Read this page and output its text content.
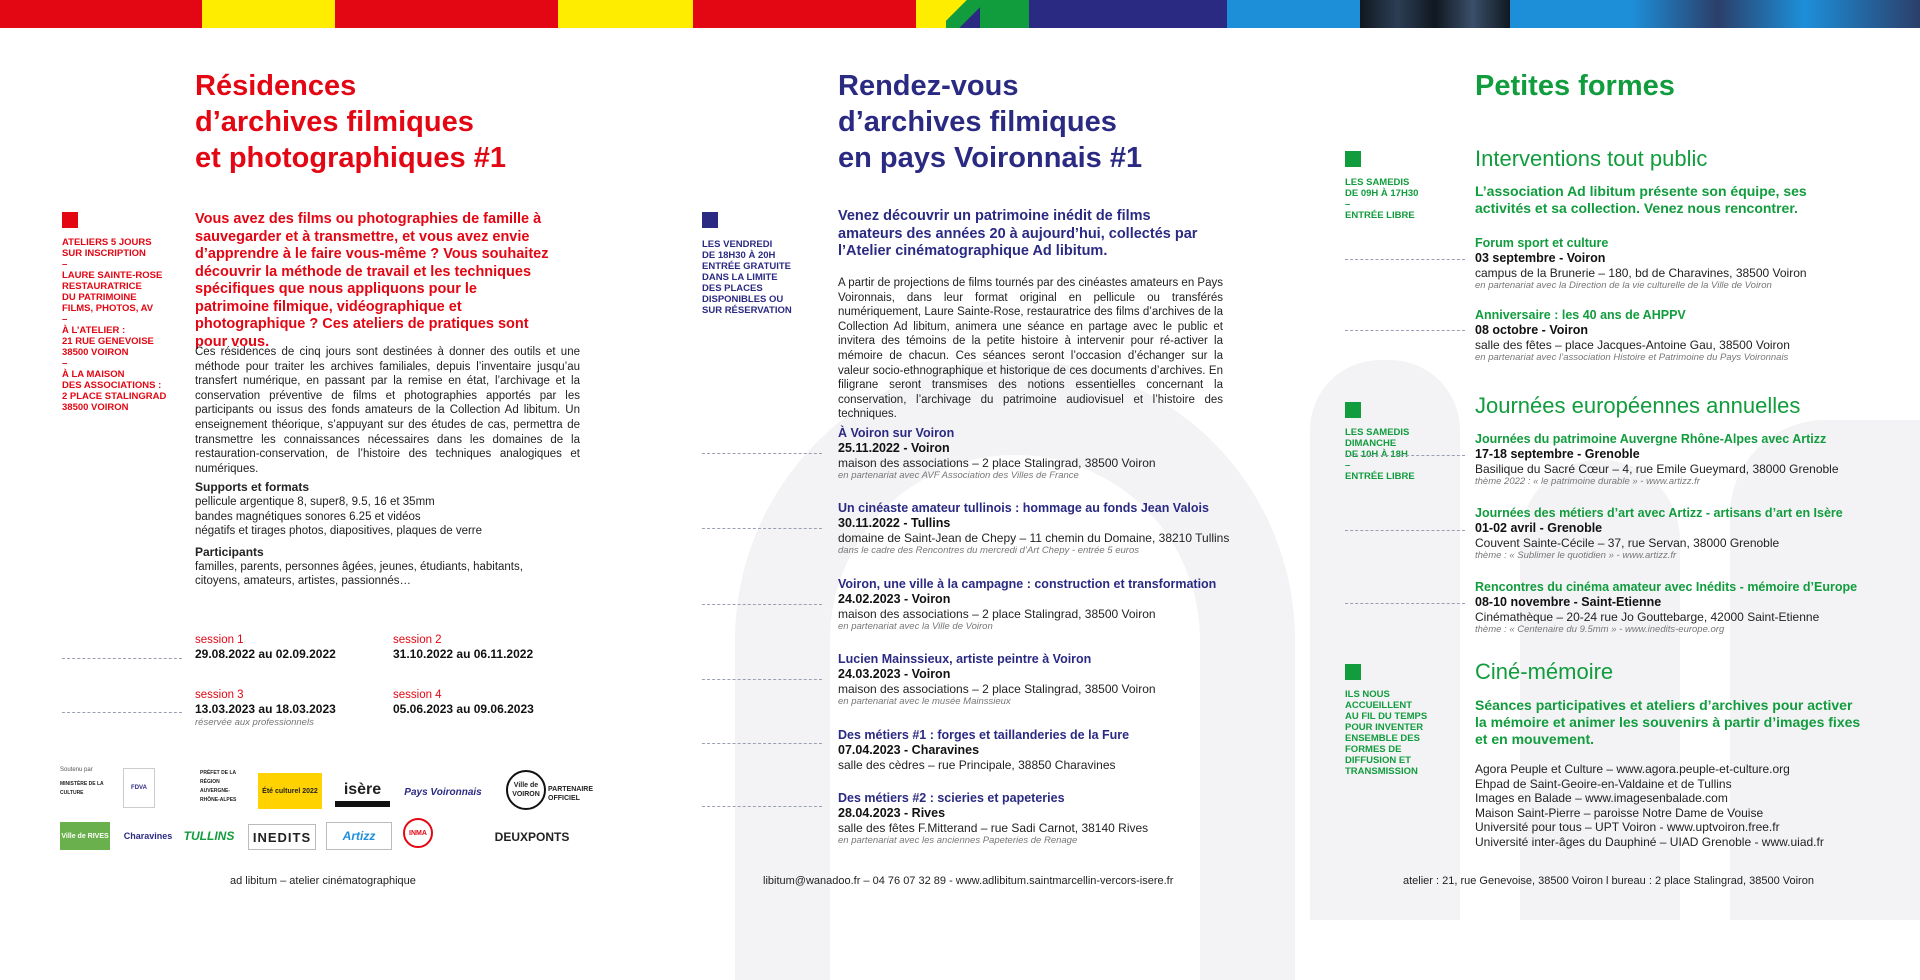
Résidences
d’archives filmiques
et photographiques #1
ATELIERS 5 JOURS
SUR INSCRIPTION
–
LAURE SAINTE-ROSE
RESTAURATRICE
DU PATRIMOINE
FILMS, PHOTOS, AV
–
À L’ATELIER :
21 RUE GENEVOISE
38500 VOIRON
–
À LA MAISON
DES ASSOCIATIONS :
2 PLACE STALINGRAD
38500 VOIRON
Vous avez des films ou photographies de famille à sauvegarder et à transmettre, et vous avez envie d’apprendre à le faire vous-même ? Vous souhaitez découvrir la méthode de travail et les techniques spécifiques que nous appliquons pour le patrimoine filmique, vidéographique et photographique ? Ces ateliers de pratiques sont pour vous.
Ces résidences de cinq jours sont destinées à donner des outils et une méthode pour traiter les archives familiales, depuis l’inventaire jusqu’au transfert numérique, en passant par la remise en état, l’archivage et la conservation préventive de films et photographies apportés par les participants ou issus des fonds amateurs de la Collection Ad libitum. Un enseignement théorique, s’appuyant sur des études de cas, permettra de transmettre les connaissances nécessaires dans les domaines de la restauration-conservation, de l’histoire des techniques analogiques et numériques.
Supports et formats
pellicule argentique 8, super8, 9.5, 16 et 35mm
bandes magnétiques sonores 6.25 et vidéos
négatifs et tirages photos, diapositives, plaques de verre
Participants
familles, parents, personnes âgées, jeunes, étudiants, habitants,
citoyens, amateurs, artistes, passionnés…
session 1
29.08.2022 au 02.09.2022
session 2
31.10.2022 au 06.11.2022
session 3
13.03.2023 au 18.03.2023
réservée aux professionnels
session 4
05.06.2023 au 09.06.2023
Soutenu par
MINISTÈRE DE LA CULTURE
FDVA
PRÉFET DE LA RÉGION AUVERGNE-RHÔNE-ALPES
Été culturel 2022	isère	Pays Voironnais
Ville de VOIRON
PARTENAIRE OFFICIEL
Ville de RIVES Charavines TULLINS	INEDITS	Artizz	INMA	DEUXPONTS
ad libitum – atelier cinématographique
Rendez-vous
d’archives filmiques
en pays Voironnais #1
LES VENDREDI
DE 18H30 À 20H
ENTRÉE GRATUITE
DANS LA LIMITE
DES PLACES
DISPONIBLES OU
SUR RÉSERVATION
Venez découvrir un patrimoine inédit de films amateurs des années 20 à aujourd’hui, collectés par l’Atelier cinématographique Ad libitum.
A partir de projections de films tournés par des cinéastes amateurs en Pays Voironnais, dans leur format original en pellicule ou transférés numériquement, Laure Sainte-Rose, restauratrice des films d’archives de la Collection Ad libitum, animera une séance en partage avec le public et invitera des témoins de la petite histoire à intervenir pour ré-activer la mémoire de chacun. Ces séances seront l’occasion d’échanger sur la valeur socio-ethnographique et historique de ces documents d’archives. En filigrane seront transmises des notions essentielles concernant la conservation, l’archivage du patrimoine audiovisuel et l’histoire des techniques.
À Voiron sur Voiron
25.11.2022 - Voiron
maison des associations – 2 place Stalingrad, 38500 Voiron
en partenariat avec AVF Association des Villes de France
Un cinéaste amateur tullinois : hommage au fonds Jean Valois
30.11.2022 - Tullins
domaine de Saint-Jean de Chepy – 11 chemin du Domaine, 38210 Tullins
dans le cadre des Rencontres du mercredi d’Art Chepy - entrée 5 euros
Voiron, une ville à la campagne : construction et transformation
24.02.2023 - Voiron
maison des associations – 2 place Stalingrad, 38500 Voiron
en partenariat avec la Ville de Voiron
Lucien Mainssieux, artiste peintre à Voiron
24.03.2023 - Voiron
maison des associations – 2 place Stalingrad, 38500 Voiron
en partenariat avec le musée Mainssieux
Des métiers #1 : forges et taillanderies de la Fure
07.04.2023 - Charavines
salle des cèdres – rue Principale, 38850 Charavines
Des métiers #2 : scieries et papeteries
28.04.2023 - Rives
salle des fêtes F.Mitterand – rue Sadi Carnot, 38140 Rives
en partenariat avec les anciennes Papeteries de Renage
libitum@wanadoo.fr – 04 76 07 32 89 - www.adlibitum.saintmarcellin-vercors-isere.fr
Petites formes
LES SAMEDIS
DE 09H À 17H30
–
ENTRÉE LIBRE
Interventions tout public
L’association Ad libitum présente son équipe, ses activités et sa collection. Venez nous rencontrer.
Forum sport et culture
03 septembre - Voiron
campus de la Brunerie – 180, bd de Charavines, 38500 Voiron
en partenariat avec la Direction de la vie culturelle de la Ville de Voiron
Anniversaire : les 40 ans de AHPPV
08 octobre - Voiron
salle des fêtes – place Jacques-Antoine Gau, 38500 Voiron
en partenariat avec l’association Histoire et Patrimoine du Pays Voironnais
LES SAMEDIS
DIMANCHE
DE 10H À 18H
–
ENTRÉE LIBRE
Journées européennes annuelles
Journées du patrimoine Auvergne Rhône-Alpes avec Artizz
17-18 septembre - Grenoble
Basilique du Sacré Cœur – 4, rue Emile Gueymard, 38000 Grenoble
thème 2022 : « le patrimoine durable » - www.artizz.fr
Journées des métiers d’art avec Artizz - artisans d’art en Isère
01-02 avril - Grenoble
Couvent Sainte-Cécile – 37, rue Servan, 38000 Grenoble
thème : « Sublimer le quotidien » - www.artizz.fr
Rencontres du cinéma amateur avec Inédits - mémoire d’Europe
08-10 novembre - Saint-Etienne
Cinémathèque – 20-24 rue Jo Gouttebarge, 42000 Saint-Etienne
thème : « Centenaire du 9.5mm » - www.inedits-europe.org
ILS NOUS
ACCUEILLENT
AU FIL DU TEMPS
POUR INVENTER
ENSEMBLE DES
FORMES DE
DIFFUSION ET
TRANSMISSION
Ciné-mémoire
Séances participatives et ateliers d’archives pour activer la mémoire et animer les souvenirs à partir d’images fixes et en mouvement.
Agora Peuple et Culture – www.agora.peuple-et-culture.org
Ehpad de Saint-Geoire-en-Valdaine et de Tullins
Images en Balade – www.imagesenbalade.com
Maison Saint-Pierre – paroisse Notre Dame de Vouise
Université pour tous – UPT Voiron - www.uptvoiron.free.fr
Université inter-âges du Dauphiné – UIAD Grenoble - www.uiad.fr
atelier : 21, rue Genevoise, 38500 Voiron l bureau : 2 place Stalingrad, 38500 Voiron
